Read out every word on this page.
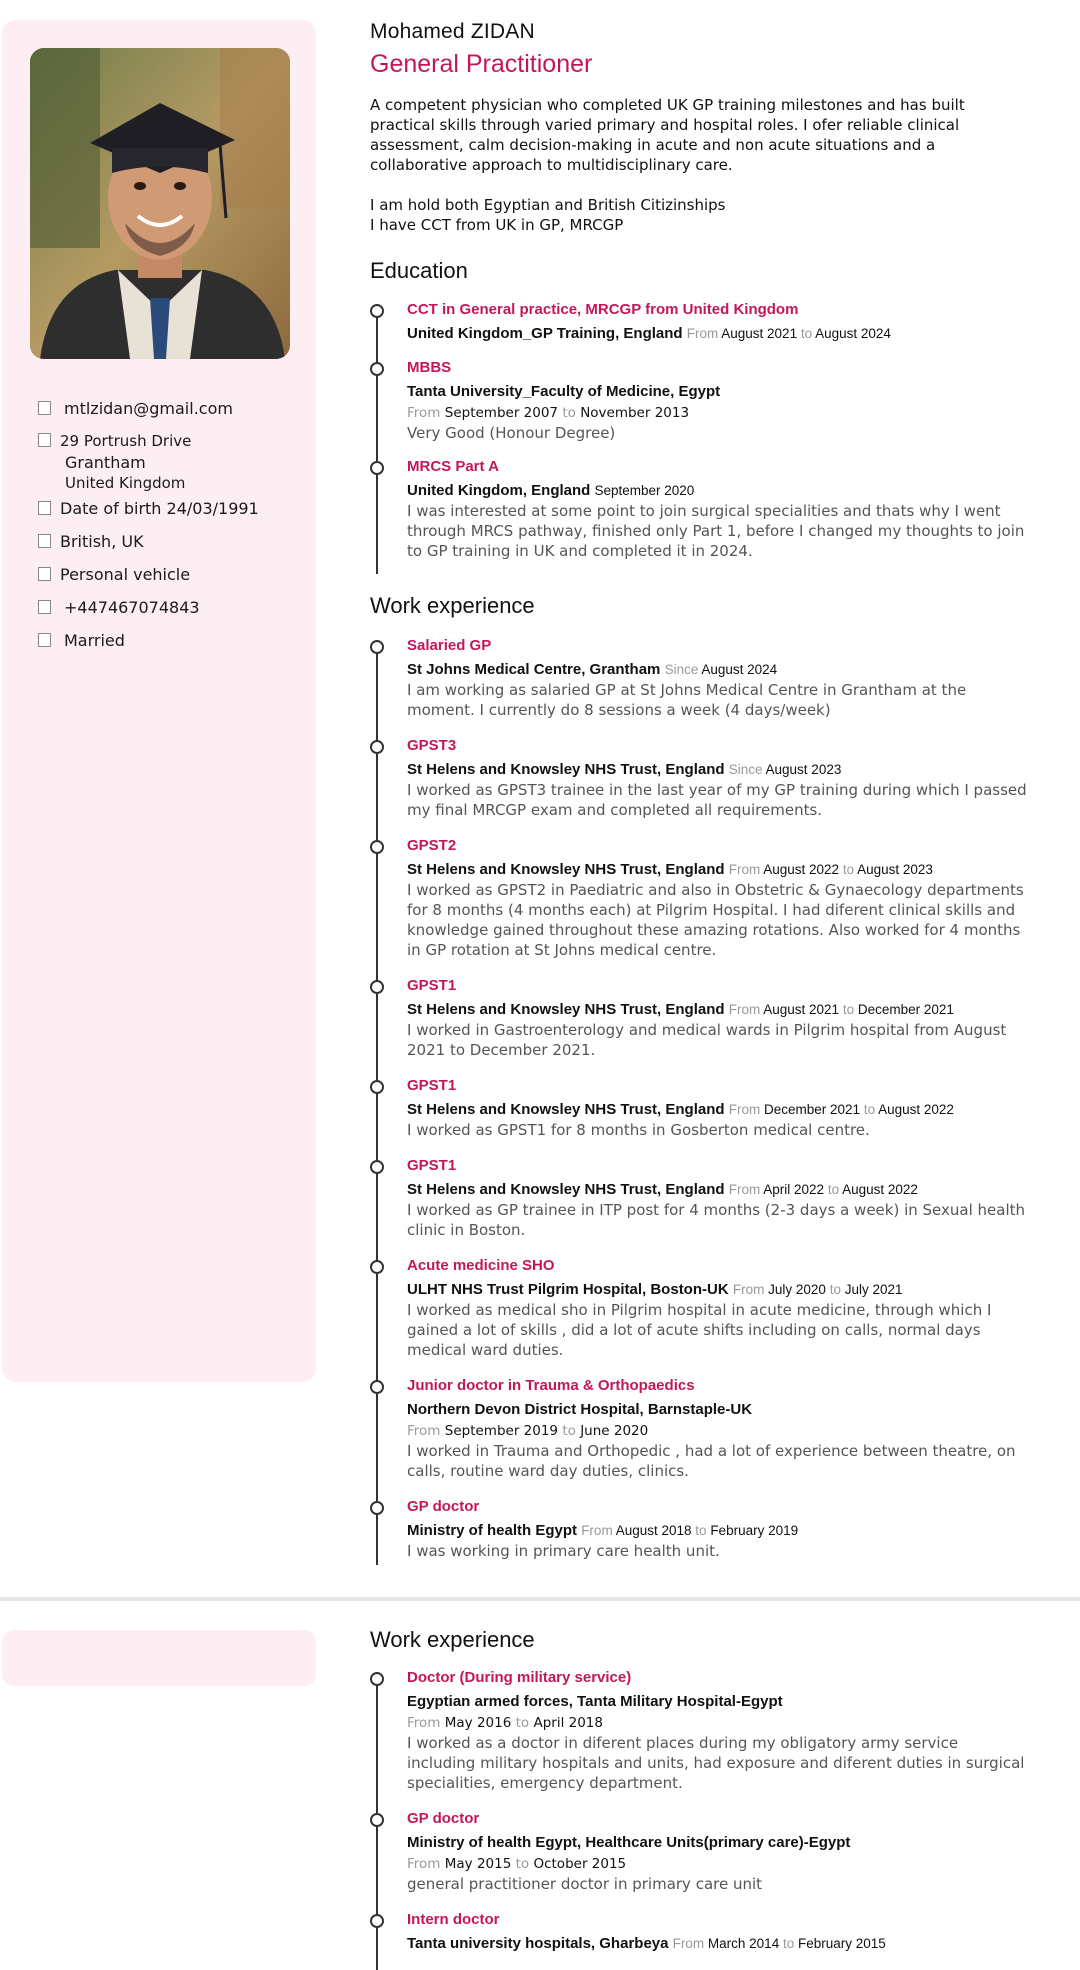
mtlzidan@gmail.com
29 Portrush Drive
Grantham
United Kingdom
Date of birth 24/03/1991
British, UK
Personal vehicle
+447467074843
Married
Mohamed ZIDAN
General Practitioner

A competent physician who completed UK GP training milestones and has built practical skills through varied primary and hospital roles. I ofer reliable clinical assessment, calm decision-making in acute and non acute situations and a collaborative approach to multidisciplinary care.

I am hold both Egyptian and British Citizinships
I have CCT from UK in GP, MRCGP
Education
CCT in General practice, MRCGP from United Kingdom
United Kingdom_GP Training, England From August 2021 to August 2024
MBBS
Tanta University_Faculty of Medicine, Egypt
From September 2007 to November 2013
Very Good (Honour Degree)
MRCS Part A
United Kingdom, England September 2020
I was interested at some point to join surgical specialities and thats why I went through MRCS pathway, finished only Part 1, before I changed my thoughts to join to GP training in UK and completed it in 2024.
Work experience
Salaried GP
St Johns Medical Centre, Grantham Since August 2024
I am working as salaried GP at St Johns Medical Centre in Grantham at the moment. I currently do 8 sessions a week (4 days/week)
GPST3
St Helens and Knowsley NHS Trust, England Since August 2023
I worked as GPST3 trainee in the last year of my GP training during which I passed my final MRCGP exam and completed all requirements.
GPST2
St Helens and Knowsley NHS Trust, England From August 2022 to August 2023
I worked as GPST2 in Paediatric and also in Obstetric & Gynaecology departments for 8 months (4 months each) at Pilgrim Hospital. I had diferent clinical skills and knowledge gained throughout these amazing rotations. Also worked for 4 months in GP rotation at St Johns medical centre.
GPST1
St Helens and Knowsley NHS Trust, England From August 2021 to December 2021
I worked in Gastroenterology and medical wards in Pilgrim hospital from August 2021 to December 2021.
GPST1
St Helens and Knowsley NHS Trust, England From December 2021 to August 2022
I worked as GPST1 for 8 months in Gosberton medical centre.
GPST1
St Helens and Knowsley NHS Trust, England From April 2022 to August 2022
I worked as GP trainee in ITP post for 4 months (2-3 days a week) in Sexual health clinic in Boston.
Acute medicine SHO
ULHT NHS Trust Pilgrim Hospital, Boston-UK From July 2020 to July 2021
I worked as medical sho in Pilgrim hospital in acute medicine, through which I gained a lot of skills , did a lot of acute shifts including on calls, normal days medical ward duties.
Junior doctor in Trauma & Orthopaedics
Northern Devon District Hospital, Barnstaple-UK
From September 2019 to June 2020
I worked in Trauma and Orthopedic , had a lot of experience between theatre, on calls, routine ward day duties, clinics.
GP doctor
Ministry of health Egypt From August 2018 to February 2019
I was working in primary care health unit.
Work experience
Doctor (During military service)
Egyptian armed forces, Tanta Military Hospital-Egypt
From May 2016 to April 2018
I worked as a doctor in diferent places during my obligatory army service including military hospitals and units, had exposure and diferent duties in surgical specialities, emergency department.
GP doctor
Ministry of health Egypt, Healthcare Units(primary care)-Egypt
From May 2015 to October 2015
general practitioner doctor in primary care unit
Intern doctor
Tanta university hospitals, Gharbeya From March 2014 to February 2015
